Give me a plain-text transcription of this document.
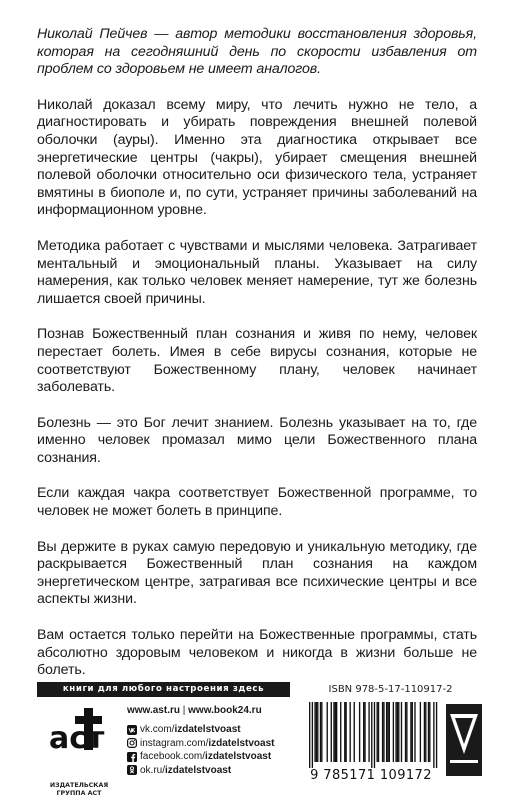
Николай Пейчев — автор методики восстановления здоровья, которая на сегодняшний день по скорости избавления от проблем со здоровьем не имеет аналогов.

Николай доказал всему миру, что лечить нужно не тело, а диагностировать и убирать повреждения внешней полевой оболочки (ауры). Именно эта диагностика открывает все энергетические центры (чакры), убирает смещения внешней полевой оболочки относительно оси физического тела, устраняет вмятины в биополе и, по сути, устраняет причины заболеваний на информационном уровне.

Методика работает с чувствами и мыслями человека. Затрагивает ментальный и эмоциональный планы. Указывает на силу намерения, как только человек меняет намерение, тут же болезнь лишается своей причины.

Познав Божественный план сознания и живя по нему, человек перестает болеть. Имея в себе вирусы сознания, которые не соответствуют Божественному плану, человек начинает заболевать.

Болезнь — это Бог лечит знанием. Болезнь указывает на то, где именно человек промазал мимо цели Божественного плана сознания.

Если каждая чакра соответствует Божественной программе, то человек не может болеть в принципе.

Вы держите в руках самую передовую и уникальную методику, где раскрывается Божественный план сознания на каждом энергетическом центре, затрагивая все психические центры и все аспекты жизни.

Вам остается только перейти на Божественные программы, стать абсолютно здоровым человеком и никогда в жизни больше не болеть.

книги для любого настроения здесь	ISBN 978-5-17-110917-2
аст
ИЗДАТЕЛЬСКАЯ ГРУППА АСТ
www.ast.ru | www.book24.ru
vk.com/ izdatelstvoast
instagram.com/ izdatelstvoast
facebook.com/ izdatelstvoast
ok.ru/ izdatelstvoast	9 785171 109172
